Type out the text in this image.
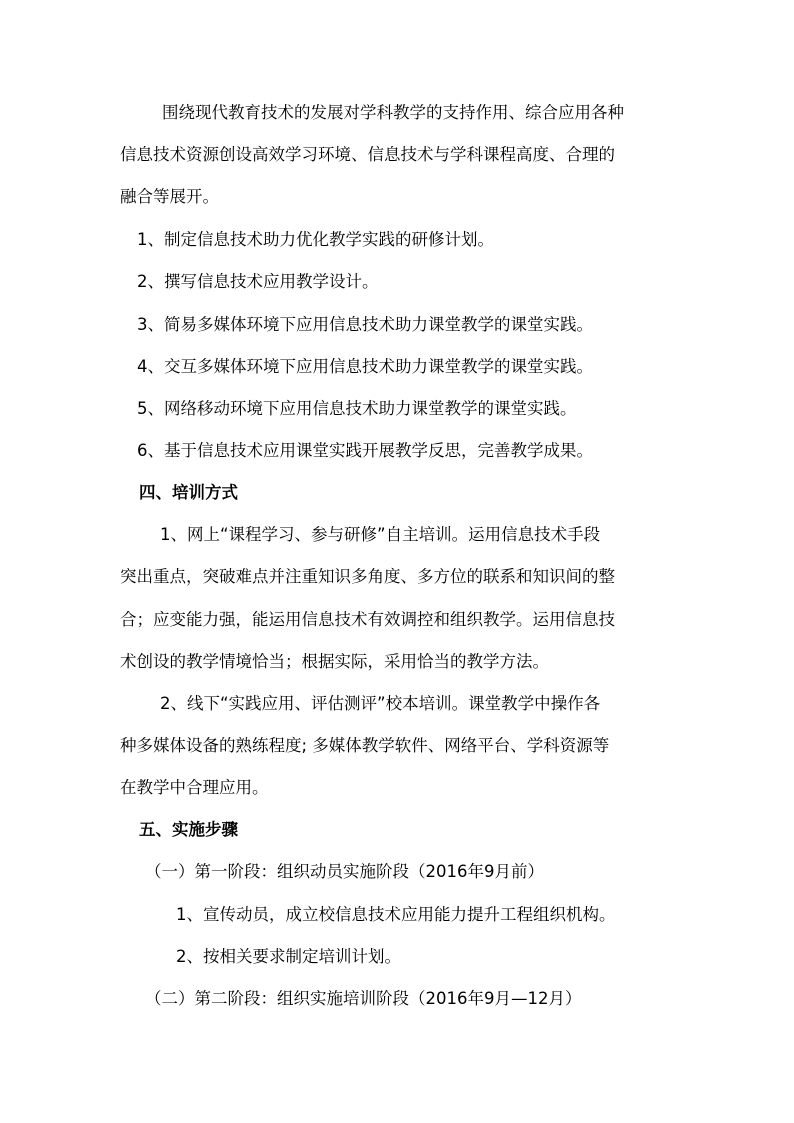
围绕现代教育技术的发展对学科教学的支持作用、综合应用各种

信息技术资源创设高效学习环境、信息技术与学科课程高度、合理的

融合等展开。

1、制定信息技术助力优化教学实践的研修计划。

2、撰写信息技术应用教学设计。

3、简易多媒体环境下应用信息技术助力课堂教学的课堂实践。

4、交互多媒体环境下应用信息技术助力课堂教学的课堂实践。

5、网络移动环境下应用信息技术助力课堂教学的课堂实践。

6、基于信息技术应用课堂实践开展教学反思，完善教学成果。

四、培训方式

1、网上“课程学习、参与研修”自主培训。运用信息技术手段

突出重点，突破难点并注重知识多角度、多方位的联系和知识间的整

合；应变能力强，能运用信息技术有效调控和组织教学。运用信息技

术创设的教学情境恰当；根据实际，采用恰当的教学方法。

2、线下“实践应用、评估测评”校本培训。课堂教学中操作各

种多媒体设备的熟练程度; 多媒体教学软件、网络平台、学科资源等

在教学中合理应用。

五、实施步骤

（一）第一阶段：组织动员实施阶段（2016年9月前）

1、宣传动员，成立校信息技术应用能力提升工程组织机构。

2、按相关要求制定培训计划。

（二）第二阶段：组织实施培训阶段（2016年9月—12月）
